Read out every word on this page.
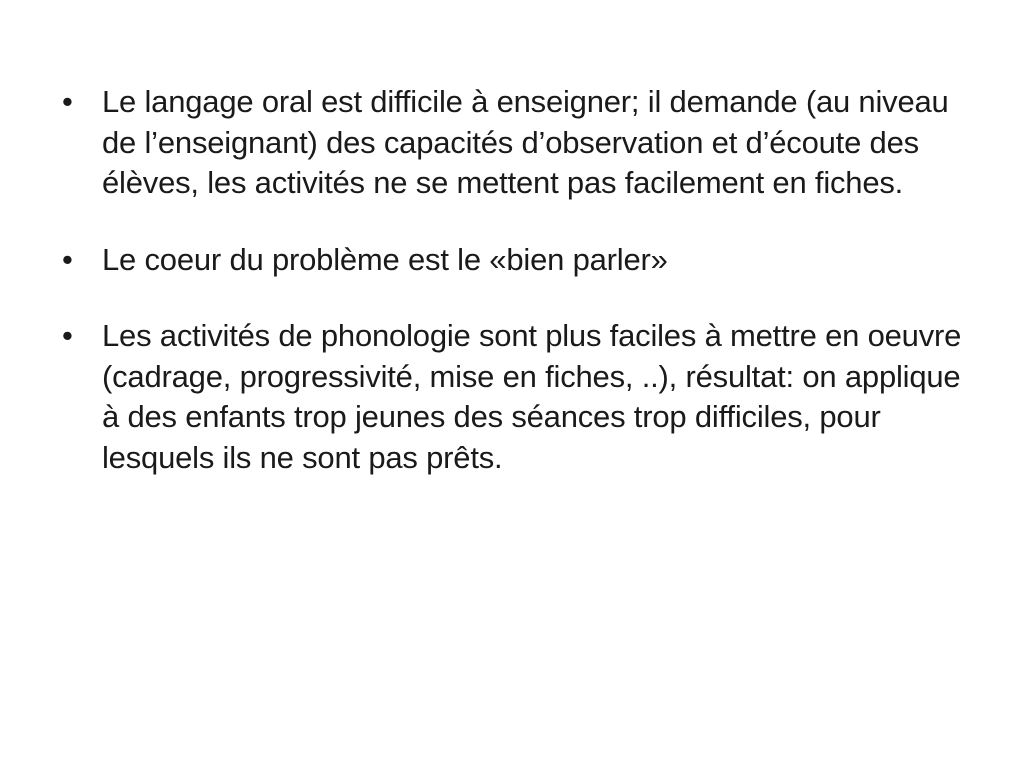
• Le langage oral est difficile à enseigner; il demande (au niveau de l’enseignant) des capacités d’observation et d’écoute des élèves, les activités ne se mettent pas facilement en fiches.
• Le coeur du problème est le «bien parler»
• Les activités de phonologie sont plus faciles à mettre en oeuvre (cadrage, progressivité, mise en fiches, ..), résultat: on applique à des enfants trop jeunes des séances trop difficiles, pour lesquels ils ne sont pas prêts.
